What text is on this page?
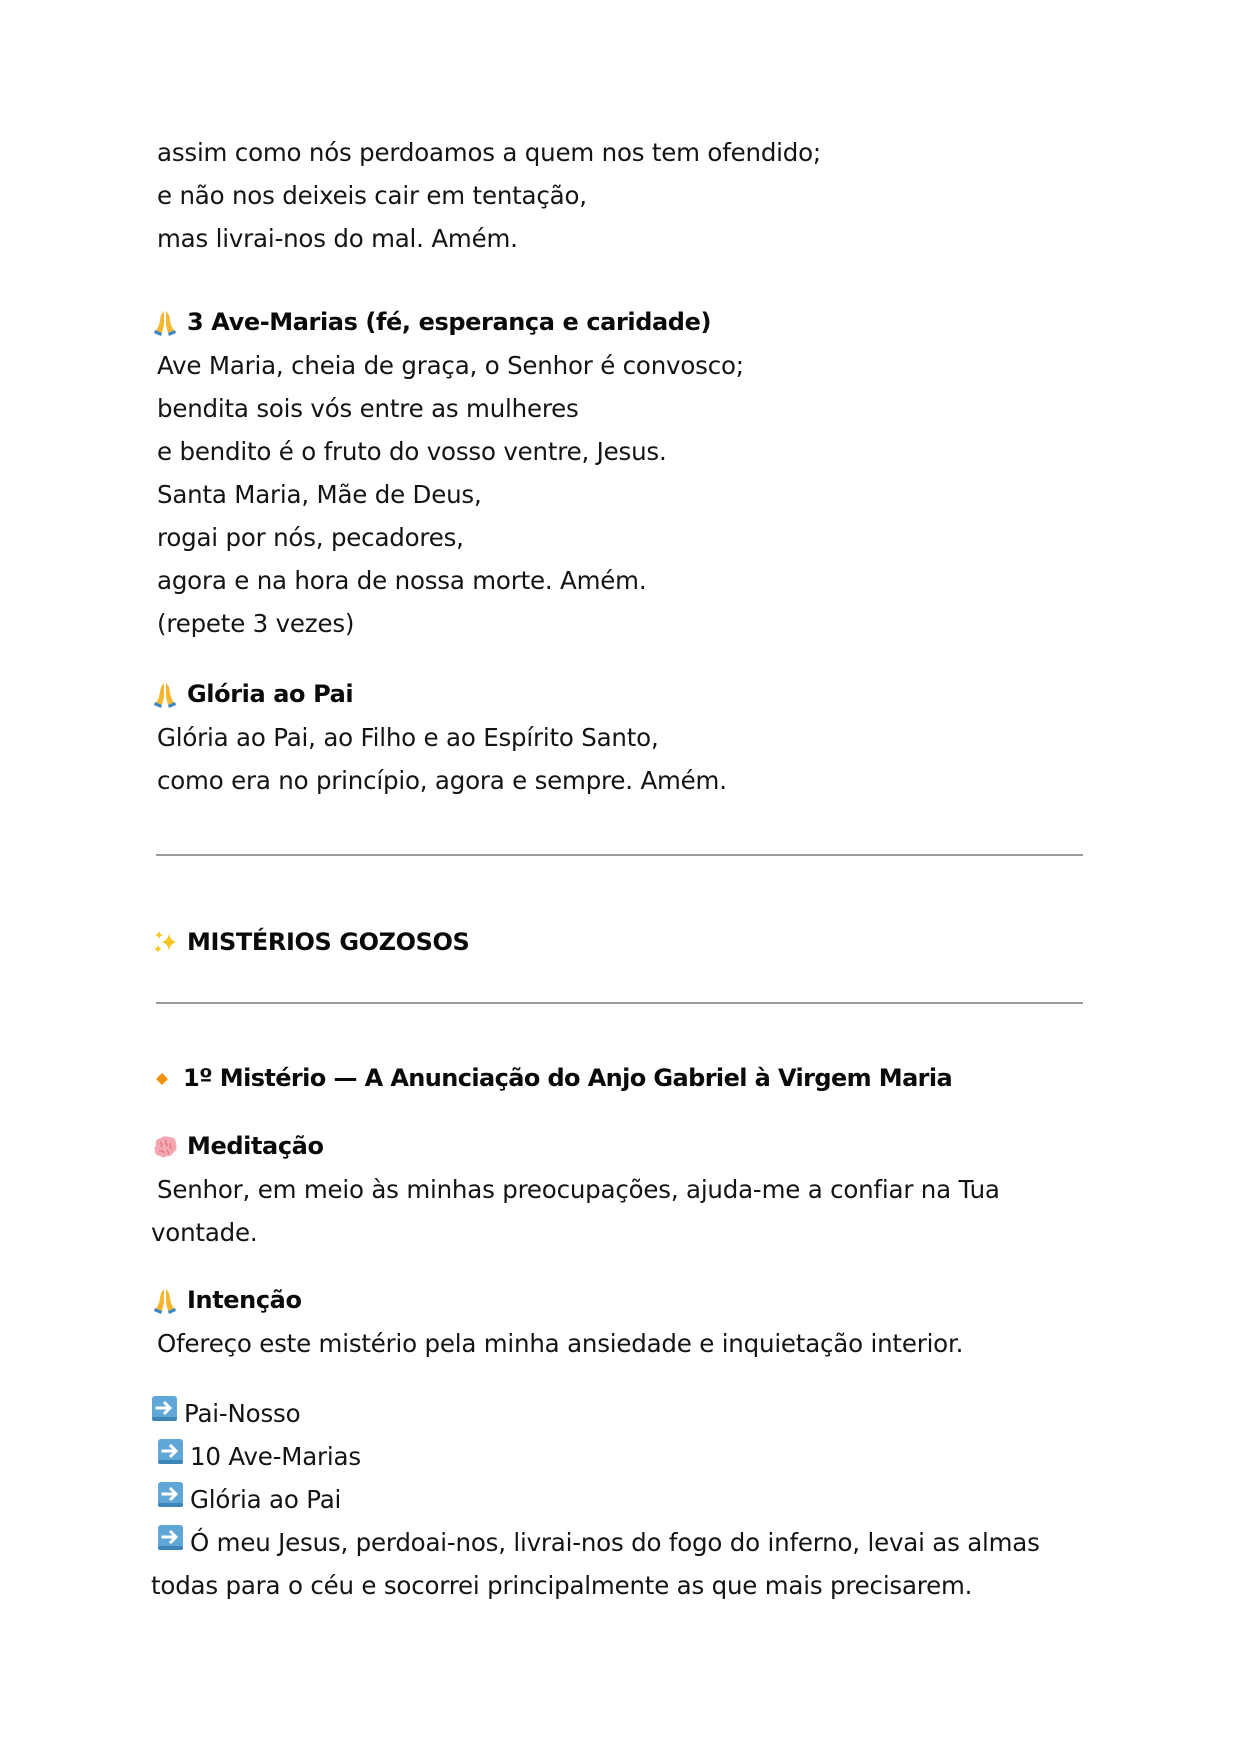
assim como nós perdoamos a quem nos tem ofendido;
e não nos deixeis cair em tentação,
mas livrai-nos do mal. Amém.
3 Ave-Marias (fé, esperança e caridade)
Ave Maria, cheia de graça, o Senhor é convosco;
bendita sois vós entre as mulheres
e bendito é o fruto do vosso ventre, Jesus.
Santa Maria, Mãe de Deus,
rogai por nós, pecadores,
agora e na hora de nossa morte. Amém.
(repete 3 vezes)
Glória ao Pai
Glória ao Pai, ao Filho e ao Espírito Santo,
como era no princípio, agora e sempre. Amém.
MISTÉRIOS GOZOSOS
1º Mistério — A Anunciação do Anjo Gabriel à Virgem Maria
Meditação
Senhor, em meio às minhas preocupações, ajuda-me a confiar na Tua
vontade.
Intenção
Ofereço este mistério pela minha ansiedade e inquietação interior.
Pai-Nosso
10 Ave-Marias
Glória ao Pai
Ó meu Jesus, perdoai-nos, livrai-nos do fogo do inferno, levai as almas
todas para o céu e socorrei principalmente as que mais precisarem.
